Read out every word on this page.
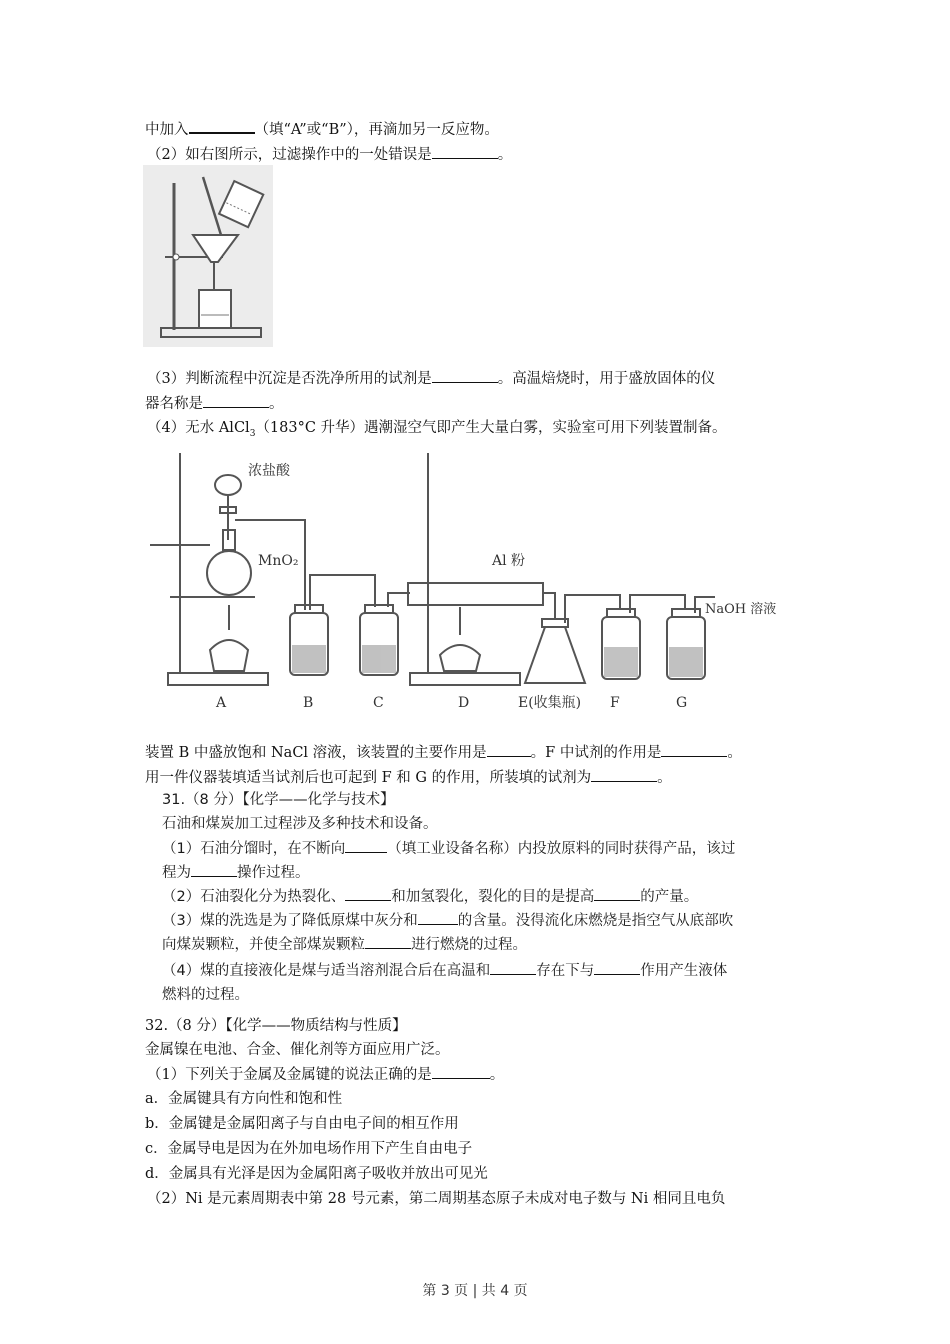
中加入	（填“A”或“B”），再滴加另一反应物。
（2）如右图所示，过滤操作中的一处错误是	。
（3）判断流程中沉淀是否洗净所用的试剂是	。高温焙烧时，用于盛放固体的仪
器名称是	。
（4）无水 AlCl$_3$（183°C 升华）遇潮湿空气即产生大量白雾，实验室可用下列装置制备。
浓盐酸
MnO₂	Al 粉
NaOH 溶液
A	B	C	D	E(收集瓶) F	G
装置 B 中盛放饱和 NaCl 溶液，该装置的主要作用是	。F 中试剂的作用是	。
用一件仪器装填适当试剂后也可起到 F 和 G 的作用，所装填的试剂为	。
31.（8 分）【化学——化学与技术】
石油和煤炭加工过程涉及多种技术和设备。
（1）石油分馏时，在不断向	（填工业设备名称）内投放原料的同时获得产品，该过
程为	操作过程。
（2）石油裂化分为热裂化、	和加氢裂化，裂化的目的是提高	的产量。
（3）煤的洗选是为了降低原煤中灰分和	的含量。没得流化床燃烧是指空气从底部吹
向煤炭颗粒，并使全部煤炭颗粒	进行燃烧的过程。
（4）煤的直接液化是煤与适当溶剂混合后在高温和	存在下与	作用产生液体
燃料的过程。
32.（8 分）【化学——物质结构与性质】
金属镍在电池、合金、催化剂等方面应用广泛。
（1）下列关于金属及金属键的说法正确的是	。
a．金属键具有方向性和饱和性
b．金属键是金属阳离子与自由电子间的相互作用
c．金属导电是因为在外加电场作用下产生自由电子
d．金属具有光泽是因为金属阳离子吸收并放出可见光
（2）Ni 是元素周期表中第 28 号元素，第二周期基态原子未成对电子数与 Ni 相同且电负
第 3 页 | 共 4 页
